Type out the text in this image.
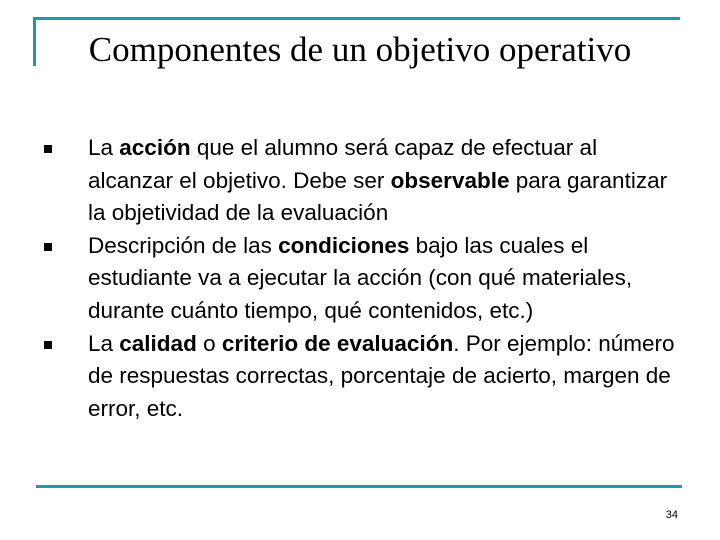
Componentes de un objetivo operativo
La acción que el alumno será capaz de efectuar al alcanzar el objetivo. Debe ser observable para garantizar la objetividad de la evaluación
Descripción de las condiciones bajo las cuales el estudiante va a ejecutar la acción (con qué materiales, durante cuánto tiempo, qué contenidos, etc.)
La calidad o criterio de evaluación. Por ejemplo: número de respuestas correctas, porcentaje de acierto, margen de error, etc.
34
